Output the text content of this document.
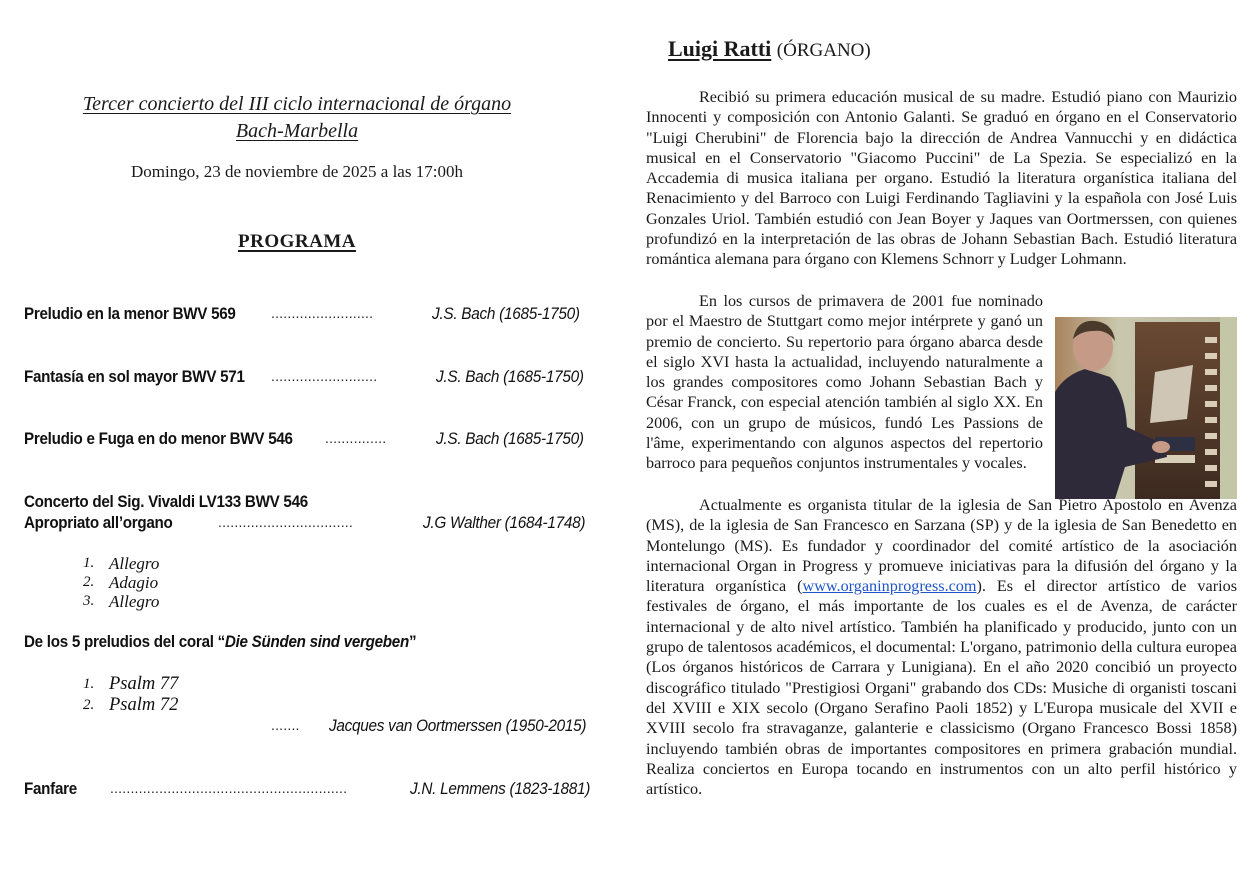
Tercer concierto del III ciclo internacional de órgano
Bach-Marbella
Domingo, 23 de noviembre de 2025 a las 17:00h
PROGRAMA
Preludio en la menor BWV 569	.........................	J.S. Bach (1685-1750)
Fantasía en sol mayor BWV 571	..........................	J.S. Bach (1685-1750)
Preludio e Fuga en do menor BWV 546	...............	J.S. Bach (1685-1750)
Concerto del Sig. Vivaldi LV133 BWV 546
Apropriato all’organo	.................................	J.G Walther (1684-1748)
1. Allegro
2. Adagio
3. Allegro
De los 5 preludios del coral “Die Sünden sind vergeben”
1. Psalm 77
2. Psalm 72
....... Jacques van Oortmerssen (1950-2015)
Fanfare	..........................................................	J.N. Lemmens (1823-1881)
Luigi Ratti (ÓRGANO)

Recibió su primera educación musical de su madre. Estudió piano con Maurizio Innocenti y composición con Antonio Galanti. Se graduó en órgano en el Conservatorio "Luigi Cherubini" de Florencia bajo la dirección de Andrea Vannucchi y en didáctica musical en el Conservatorio "Giacomo Puccini" de La Spezia. Se especializó en la Accademia di musica italiana per organo. Estudió la literatura organística italiana del Renacimiento y del Barroco con Luigi Ferdinando Tagliavini y la española con José Luis Gonzales Uriol. También estudió con Jean Boyer y Jaques van Oortmerssen, con quienes profundizó en la interpretación de las obras de Johann Sebastian Bach. Estudió literatura romántica alemana para órgano con Klemens Schnorr y Ludger Lohmann.

En los cursos de primavera de 2001 fue nominado por el Maestro de Stuttgart como mejor intérprete y ganó un premio de concierto. Su repertorio para órgano abarca desde el siglo XVI hasta la actualidad, incluyendo naturalmente a los grandes compositores como Johann Sebastian Bach y César Franck, con especial atención también al siglo XX. En 2006, con un grupo de músicos, fundó Les Passions de l'âme, experimentando con algunos aspectos del repertorio barroco para pequeños conjuntos instrumentales y vocales.

Actualmente es organista titular de la iglesia de San Pietro Apostolo en Avenza (MS), de la iglesia de San Francesco en Sarzana (SP) y de la iglesia de San Benedetto en Montelungo (MS). Es fundador y coordinador del comité artístico de la asociación internacional Organ in Progress y promueve iniciativas para la difusión del órgano y la literatura organística (www.organinprogress.com). Es el director artístico de varios festivales de órgano, el más importante de los cuales es el de Avenza, de carácter internacional y de alto nivel artístico. También ha planificado y producido, junto con un grupo de talentosos académicos, el documental: L'organo, patrimonio della cultura europea (Los órganos históricos de Carrara y Lunigiana). En el año 2020 concibió un proyecto discográfico titulado "Prestigiosi Organi" grabando dos CDs: Musiche di organisti toscani del XVIII e XIX secolo (Organo Serafino Paoli 1852) y L'Europa musicale del XVII e XVIII secolo fra stravaganze, galanterie e classicismo (Organo Francesco Bossi 1858) incluyendo también obras de importantes compositores en primera grabación mundial. Realiza conciertos en Europa tocando en instrumentos con un alto perfil histórico y artístico.
